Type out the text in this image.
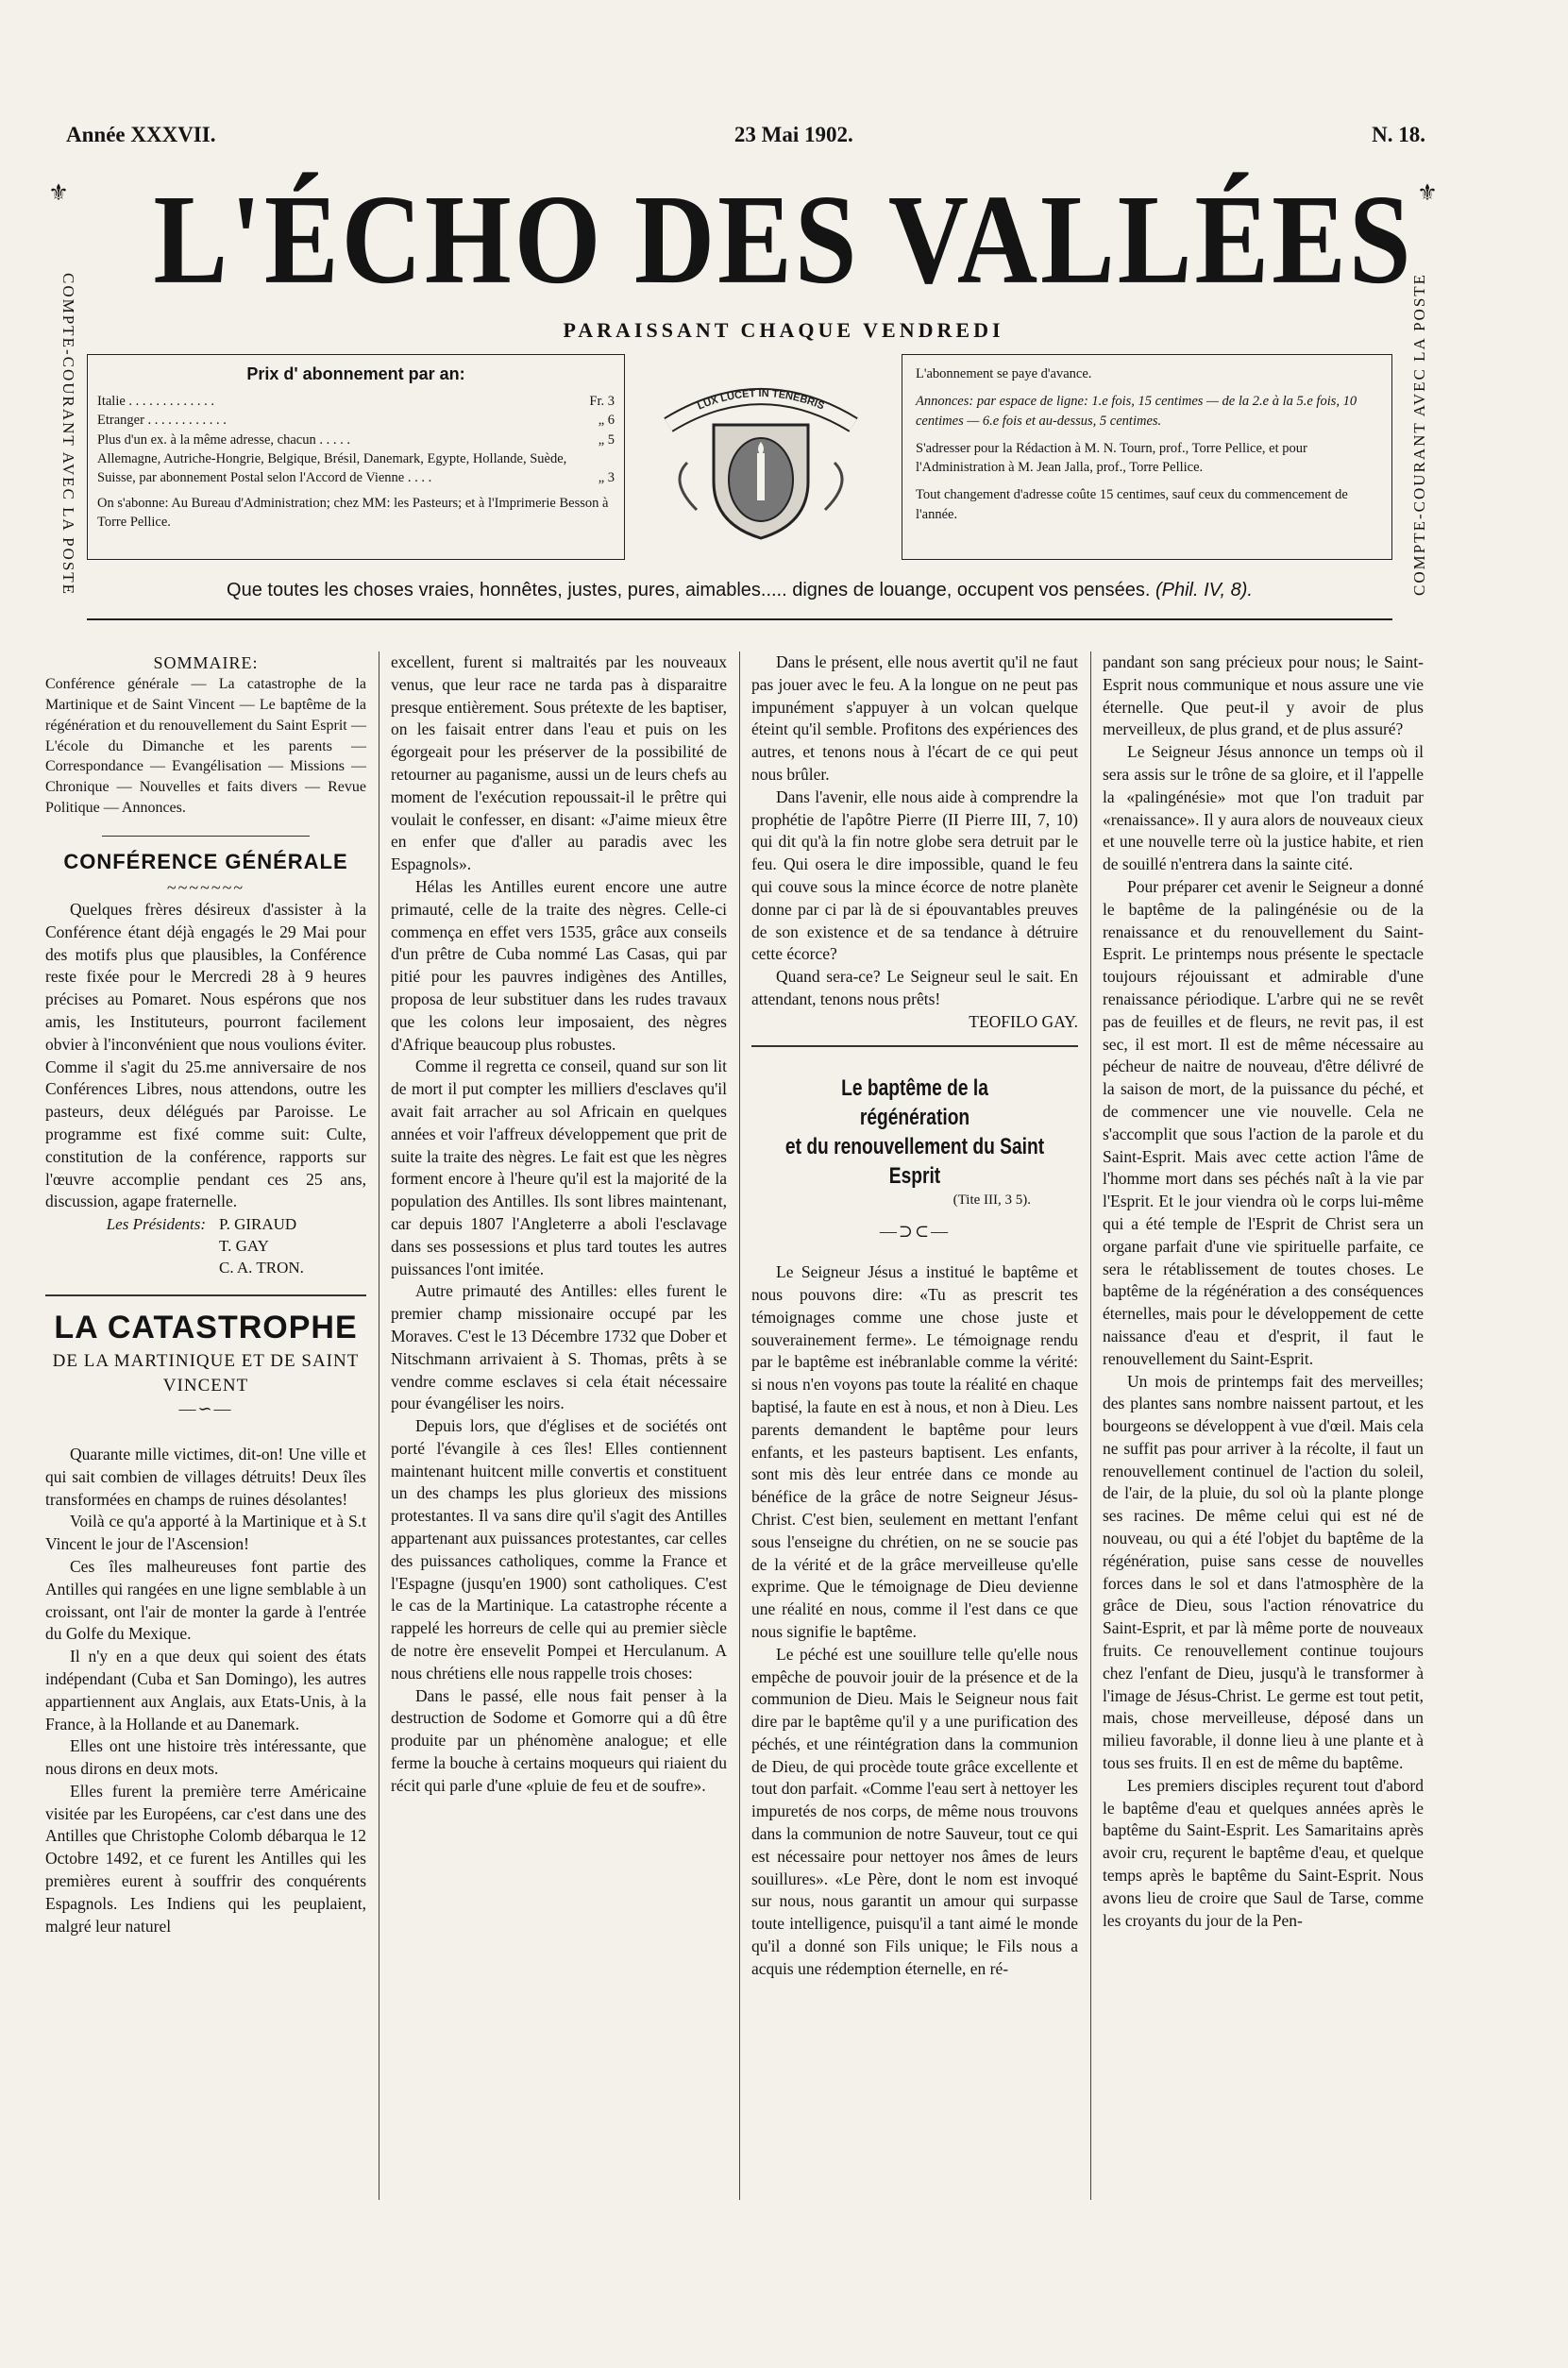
Année XXXVII.	23 Mai 1902.	N. 18.
⚜	⚜
COMPTE-COURANT AVEC LA POSTE	COMPTE-COURANT AVEC LA POSTE
L'ÉCHO DES VALLÉES
PARAISSANT CHAQUE VENDREDI
Prix d' abonnement par an:
Italie . . . . . . . . . . . . .	Fr. 3
Etranger . . . . . . . . . . . .	„ 6
Plus d'un ex. à la même adresse, chacun . . . . .	„ 5
Allemagne, Autriche-Hongrie, Belgique, Brésil, Danemark, Egypte, Hollande, Suède, Suisse, par abonnement Postal selon l'Accord de Vienne . . . .	„ 3
On s'abonne: Au Bureau d'Administration; chez MM: les Pasteurs; et à l'Imprimerie Besson à Torre Pellice.
LUX LUCET IN TENEBRIS

L'abonnement se paye d'avance.

Annonces: par espace de ligne: 1.e fois, 15 centimes — de la 2.e à la 5.e fois, 10 centimes — 6.e fois et au-dessus, 5 centimes.

S'adresser pour la Rédaction à M. N. Tourn, prof., Torre Pellice, et pour l'Administration à M. Jean Jalla, prof., Torre Pellice.

Tout changement d'adresse coûte 15 centimes, sauf ceux du commencement de l'année.

Que toutes les choses vraies, honnêtes, justes, pures, aimables..... dignes de louange, occupent vos pensées. (Phil. IV, 8).
SOMMAIRE:

Conférence générale — La catastrophe de la Martinique et de Saint Vincent — Le baptême de la régénération et du renouvellement du Saint Esprit — L'école du Dimanche et les parents — Correspondance — Evangélisation — Missions — Chronique — Nouvelles et faits divers — Revue Politique — Annonces.

CONFÉRENCE GÉNÉRALE
~~~~~~~

Quelques frères désireux d'assister à la Conférence étant déjà engagés le 29 Mai pour des motifs plus que plausibles, la Conférence reste fixée pour le Mercredi 28 à 9 heures précises au Pomaret. Nous espérons que nos amis, les Instituteurs, pourront facilement obvier à l'inconvénient que nous voulions éviter. Comme il s'agit du 25.me anniversaire de nos Conférences Libres, nous attendons, outre les pasteurs, deux délégués par Paroisse. Le programme est fixé comme suit: Culte, constitution de la conférence, rapports sur l'œuvre accomplie pendant ces 25 ans, discussion, agape fraternelle.

Les Présidents: P. GIRAUD
T. GAY
C. A. TRON.
LA CATASTROPHE
DE LA MARTINIQUE ET DE SAINT VINCENT
—∽—

Quarante mille victimes, dit-on! Une ville et qui sait combien de villages détruits! Deux îles transformées en champs de ruines désolantes!

Voilà ce qu'a apporté à la Martinique et à S.t Vincent le jour de l'Ascension!

Ces îles malheureuses font partie des Antilles qui rangées en une ligne semblable à un croissant, ont l'air de monter la garde à l'entrée du Golfe du Mexique.

Il n'y en a que deux qui soient des états indépendant (Cuba et San Domingo), les autres appartiennent aux Anglais, aux Etats-Unis, à la France, à la Hollande et au Danemark.

Elles ont une histoire très intéressante, que nous dirons en deux mots.

Elles furent la première terre Américaine visitée par les Européens, car c'est dans une des Antilles que Christophe Colomb débarqua le 12 Octobre 1492, et ce furent les Antilles qui les premières eurent à souffrir des conquérents Espagnols. Les Indiens qui les peuplaient, malgré leur naturel

excellent, furent si maltraités par les nouveaux venus, que leur race ne tarda pas à disparaitre presque entièrement. Sous prétexte de les baptiser, on les faisait entrer dans l'eau et puis on les égorgeait pour les préserver de la possibilité de retourner au paganisme, aussi un de leurs chefs au moment de l'exécution repoussait-il le prêtre qui voulait le confesser, en disant: «J'aime mieux être en enfer que d'aller au paradis avec les Espagnols».

Hélas les Antilles eurent encore une autre primauté, celle de la traite des nègres. Celle-ci commença en effet vers 1535, grâce aux conseils d'un prêtre de Cuba nommé Las Casas, qui par pitié pour les pauvres indigènes des Antilles, proposa de leur substituer dans les rudes travaux que les colons leur imposaient, des nègres d'Afrique beaucoup plus robustes.

Comme il regretta ce conseil, quand sur son lit de mort il put compter les milliers d'esclaves qu'il avait fait arracher au sol Africain en quelques années et voir l'affreux développement que prit de suite la traite des nègres. Le fait est que les nègres forment encore à l'heure qu'il est la majorité de la population des Antilles. Ils sont libres maintenant, car depuis 1807 l'Angleterre a aboli l'esclavage dans ses possessions et plus tard toutes les autres puissances l'ont imitée.

Autre primauté des Antilles: elles furent le premier champ missionaire occupé par les Moraves. C'est le 13 Décembre 1732 que Dober et Nitschmann arrivaient à S. Thomas, prêts à se vendre comme esclaves si cela était nécessaire pour évangéliser les noirs.

Depuis lors, que d'églises et de sociétés ont porté l'évangile à ces îles! Elles contiennent maintenant huitcent mille convertis et constituent un des champs les plus glorieux des missions protestantes. Il va sans dire qu'il s'agit des Antilles appartenant aux puissances protestantes, car celles des puissances catholiques, comme la France et l'Espagne (jusqu'en 1900) sont catholiques. C'est le cas de la Martinique. La catastrophe récente a rappelé les horreurs de celle qui au premier siècle de notre ère ensevelit Pompei et Herculanum. A nous chrétiens elle nous rappelle trois choses:

Dans le passé, elle nous fait penser à la destruction de Sodome et Gomorre qui a dû être produite par un phénomène analogue; et elle ferme la bouche à certains moqueurs qui riaient du récit qui parle d'une «pluie de feu et de soufre».

Dans le présent, elle nous avertit qu'il ne faut pas jouer avec le feu. A la longue on ne peut pas impunément s'appuyer à un volcan quelque éteint qu'il semble. Profitons des expériences des autres, et tenons nous à l'écart de ce qui peut nous brûler.

Dans l'avenir, elle nous aide à comprendre la prophétie de l'apôtre Pierre (II Pierre III, 7, 10) qui dit qu'à la fin notre globe sera detruit par le feu. Qui osera le dire impossible, quand le feu qui couve sous la mince écorce de notre planète donne par ci par là de si épouvantables preuves de son existence et de sa tendance à détruire cette écorce?

Quand sera-ce? Le Seigneur seul le sait. En attendant, tenons nous prêts!

TEOFILO GAY.
Le baptême de la régénération
et du renouvellement du Saint Esprit
(Tite III, 3 5).
—⊃⊂—

Le Seigneur Jésus a institué le baptême et nous pouvons dire: «Tu as prescrit tes témoignages comme une chose juste et souverainement ferme». Le témoignage rendu par le baptême est inébranlable comme la vérité: si nous n'en voyons pas toute la réalité en chaque baptisé, la faute en est à nous, et non à Dieu. Les parents demandent le baptême pour leurs enfants, et les pasteurs baptisent. Les enfants, sont mis dès leur entrée dans ce monde au bénéfice de la grâce de notre Seigneur Jésus-Christ. C'est bien, seulement en mettant l'enfant sous l'enseigne du chrétien, on ne se soucie pas de la vérité et de la grâce merveilleuse qu'elle exprime. Que le témoignage de Dieu devienne une réalité en nous, comme il l'est dans ce que nous signifie le baptême.

Le péché est une souillure telle qu'elle nous empêche de pouvoir jouir de la présence et de la communion de Dieu. Mais le Seigneur nous fait dire par le baptême qu'il y a une purification des péchés, et une réintégration dans la communion de Dieu, de qui procède toute grâce excellente et tout don parfait. «Comme l'eau sert à nettoyer les impuretés de nos corps, de même nous trouvons dans la communion de notre Sauveur, tout ce qui est nécessaire pour nettoyer nos âmes de leurs souillures». «Le Père, dont le nom est invoqué sur nous, nous garantit un amour qui surpasse toute intelligence, puisqu'il a tant aimé le monde qu'il a donné son Fils unique; le Fils nous a acquis une rédemption éternelle, en ré-

pandant son sang précieux pour nous; le Saint-Esprit nous communique et nous assure une vie éternelle. Que peut-il y avoir de plus merveilleux, de plus grand, et de plus assuré?

Le Seigneur Jésus annonce un temps où il sera assis sur le trône de sa gloire, et il l'appelle la «palingénésie» mot que l'on traduit par «renaissance». Il y aura alors de nouveaux cieux et une nouvelle terre où la justice habite, et rien de souillé n'entrera dans la sainte cité.

Pour préparer cet avenir le Seigneur a donné le baptême de la palingénésie ou de la renaissance et du renouvellement du Saint-Esprit. Le printemps nous présente le spectacle toujours réjouissant et admirable d'une renaissance périodique. L'arbre qui ne se revêt pas de feuilles et de fleurs, ne revit pas, il est sec, il est mort. Il est de même nécessaire au pécheur de naitre de nouveau, d'être délivré de la saison de mort, de la puissance du péché, et de commencer une vie nouvelle. Cela ne s'accomplit que sous l'action de la parole et du Saint-Esprit. Mais avec cette action l'âme de l'homme mort dans ses péchés naît à la vie par l'Esprit. Et le jour viendra où le corps lui-même qui a été temple de l'Esprit de Christ sera un organe parfait d'une vie spirituelle parfaite, ce sera le rétablissement de toutes choses. Le baptême de la régénération a des conséquences éternelles, mais pour le développement de cette naissance d'eau et d'esprit, il faut le renouvellement du Saint-Esprit.

Un mois de printemps fait des merveilles; des plantes sans nombre naissent partout, et les bourgeons se développent à vue d'œil. Mais cela ne suffit pas pour arriver à la récolte, il faut un renouvellement continuel de l'action du soleil, de l'air, de la pluie, du sol où la plante plonge ses racines. De même celui qui est né de nouveau, ou qui a été l'objet du baptême de la régénération, puise sans cesse de nouvelles forces dans le sol et dans l'atmosphère de la grâce de Dieu, sous l'action rénovatrice du Saint-Esprit, et par là même porte de nouveaux fruits. Ce renouvellement continue toujours chez l'enfant de Dieu, jusqu'à le transformer à l'image de Jésus-Christ. Le germe est tout petit, mais, chose merveilleuse, déposé dans un milieu favorable, il donne lieu à une plante et à tous ses fruits. Il en est de même du baptême.

Les premiers disciples reçurent tout d'abord le baptême d'eau et quelques années après le baptême du Saint-Esprit. Les Samaritains après avoir cru, reçurent le baptême d'eau, et quelque temps après le baptême du Saint-Esprit. Nous avons lieu de croire que Saul de Tarse, comme les croyants du jour de la Pen-
